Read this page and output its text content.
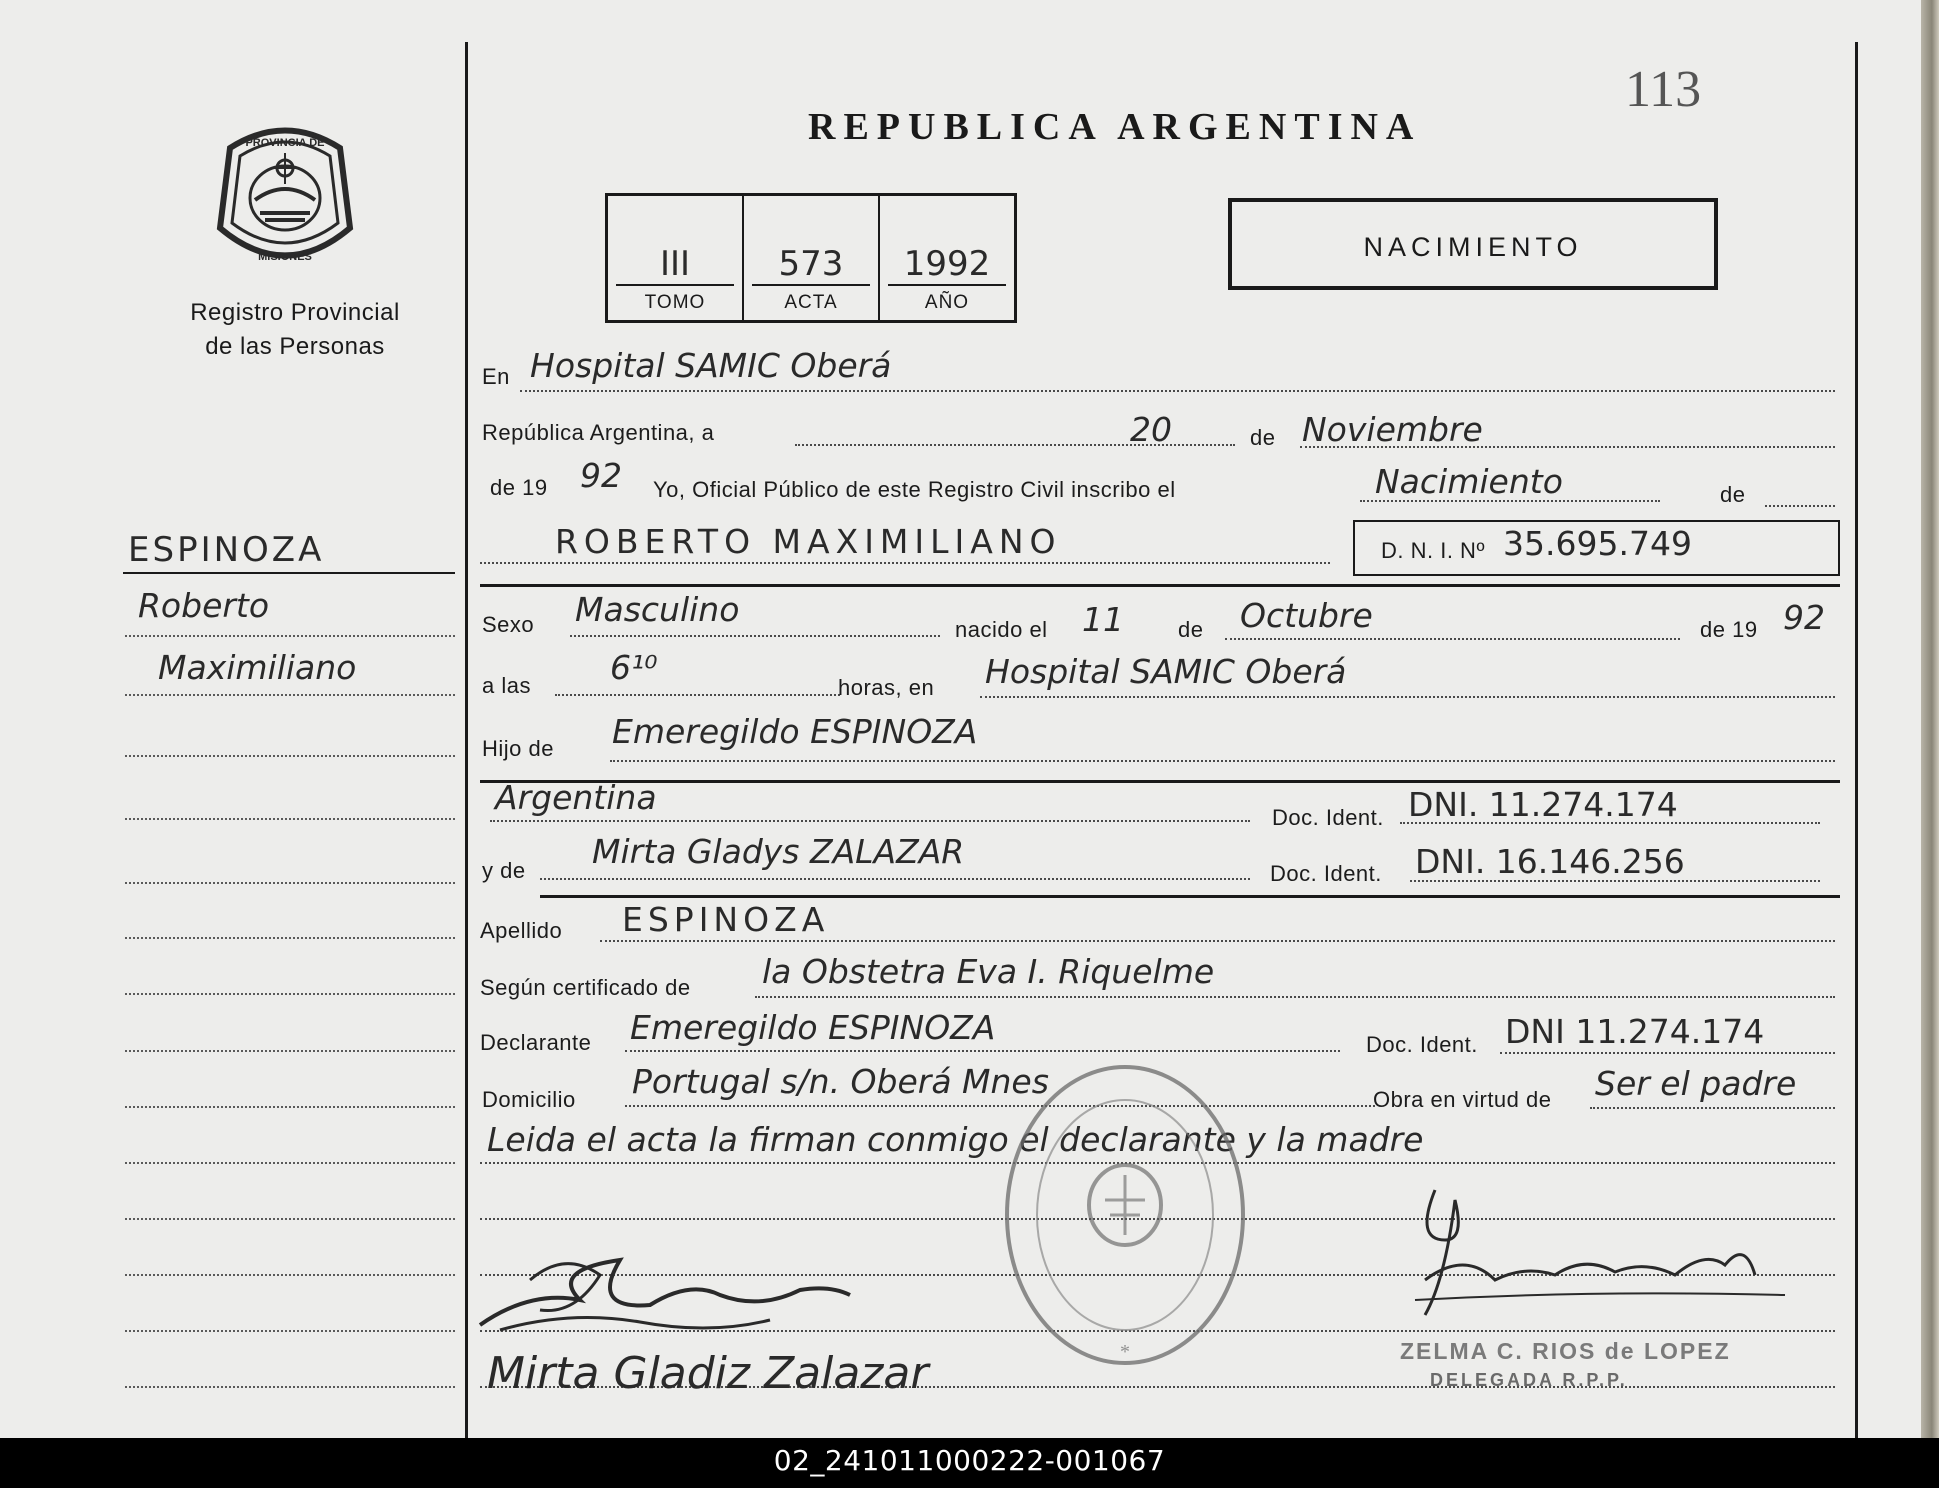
PROVINCIA DE
MISIONES
Registro Provincial
de las Personas
REPUBLICA ARGENTINA
113
III
TOMO
573
ACTA
1992
AÑO
NACIMIENTO
ESPINOZA
Roberto
Maximiliano
En Hospital SAMIC Oberá
República Argentina, a	20	de Noviembre
de 19 92 Yo, Oficial Público de este Registro Civil inscribo el	Nacimiento	de
ROBERTO MAXIMILIANO	D. N. I. Nº 35.695.749
Sexo Masculino
nacido el 11 de Octubre	de 19 92
a las 6¹⁰
horas, en Hospital SAMIC Oberá
Hijo de Emeregildo ESPINOZA
Argentina
Doc. Ident. DNI. 11.274.174
y de Mirta Gladys ZALAZAR
Doc. Ident. DNI. 16.146.256
Apellido ESPINOZA
Según certificado de la Obstetra Eva I. Riquelme
Declarante Emeregildo ESPINOZA	Doc. Ident. DNI 11.274.174
Domicilio Portugal s/n. Oberá Mnes	Obra en virtud de Ser el padre
Leida el acta la firman conmigo el declarante y la madre
*
Mirta Gladiz Zalazar	ZELMA C. RIOS de LOPEZ
DELEGADA R.P.P.
02_241011000222-001067
